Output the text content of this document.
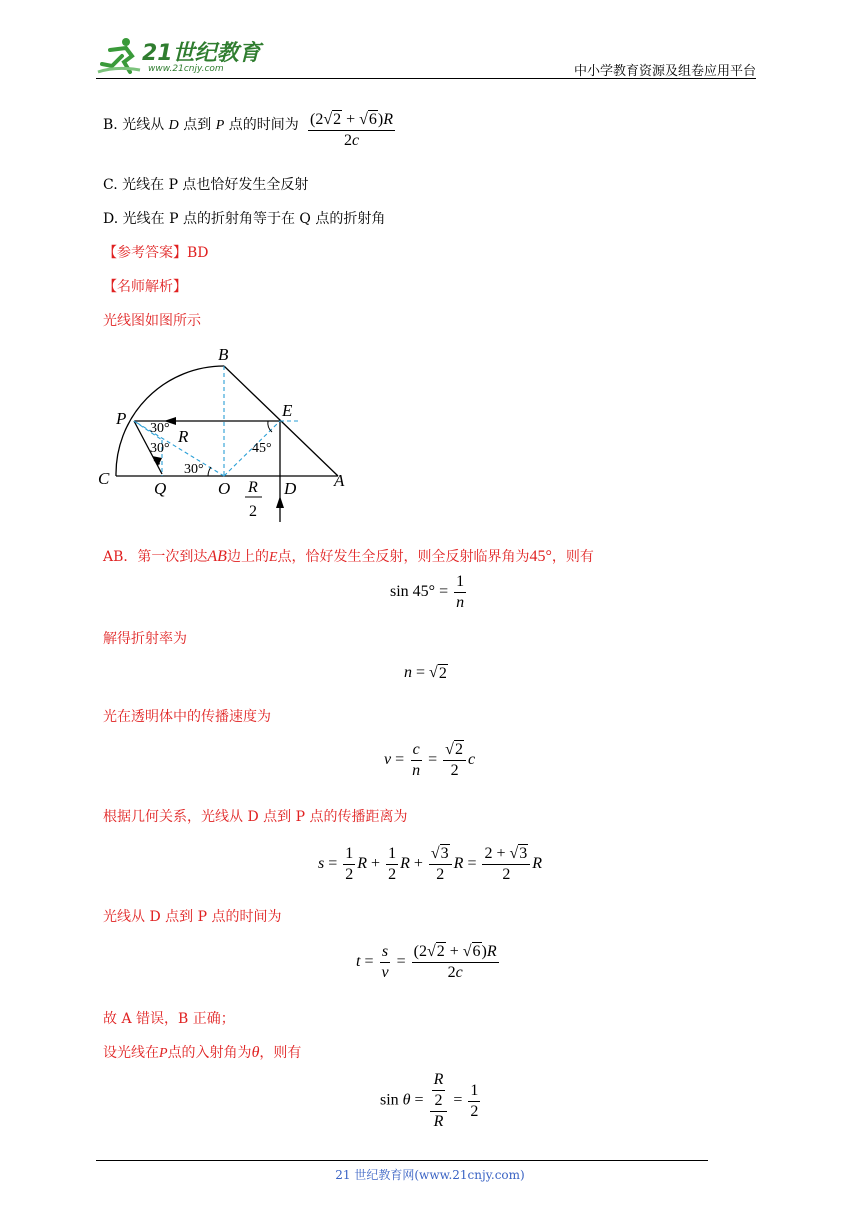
21世纪教育
www.21cnjy.com	中小学教育资源及组卷应用平台
B. 光线从 D 点到 P 点的时间为 $\frac{(2 √ 2 + √ 6 )R}{2c}$
C. 光线在 P 点也恰好发生全反射
D. 光线在 P 点的折射角等于在 Q 点的折射角
【参考答案】BD
【名师解析】
光线图如图所示
B
P	E
C
Q	O	D A
R
30°
30°
30°
45°
R
2
AB．第一次到达AB边上的E点，恰好发生全反射，则全反射临界角为45°，则有
$\sin 45^\circ = \frac{1}{n}$
解得折射率为
n = √ 2
光在透明体中的传播速度为
$v = \frac{c}{n} = \frac{√ 2}{2}$ c
根据几何关系，光线从 D 点到 P 点的传播距离为
$s = \frac{1}{2}$ $R + \frac{1}{2}$ $R + \frac{√ 3}{2}$ $R = \frac{2 + √ 3}{2}$ R
光线从 D 点到 P 点的时间为
$t = \frac{s}{v} = \frac{(2 √ 2 + √ 6 )R}{2c}$
故 A 错误，B 正确；
设光线在P点的入射角为θ，则有
$\sin \theta = \frac{\frac{R}{2}}{R} = \frac{1}{2}$
21 世纪教育网(www.21cnjy.com)
